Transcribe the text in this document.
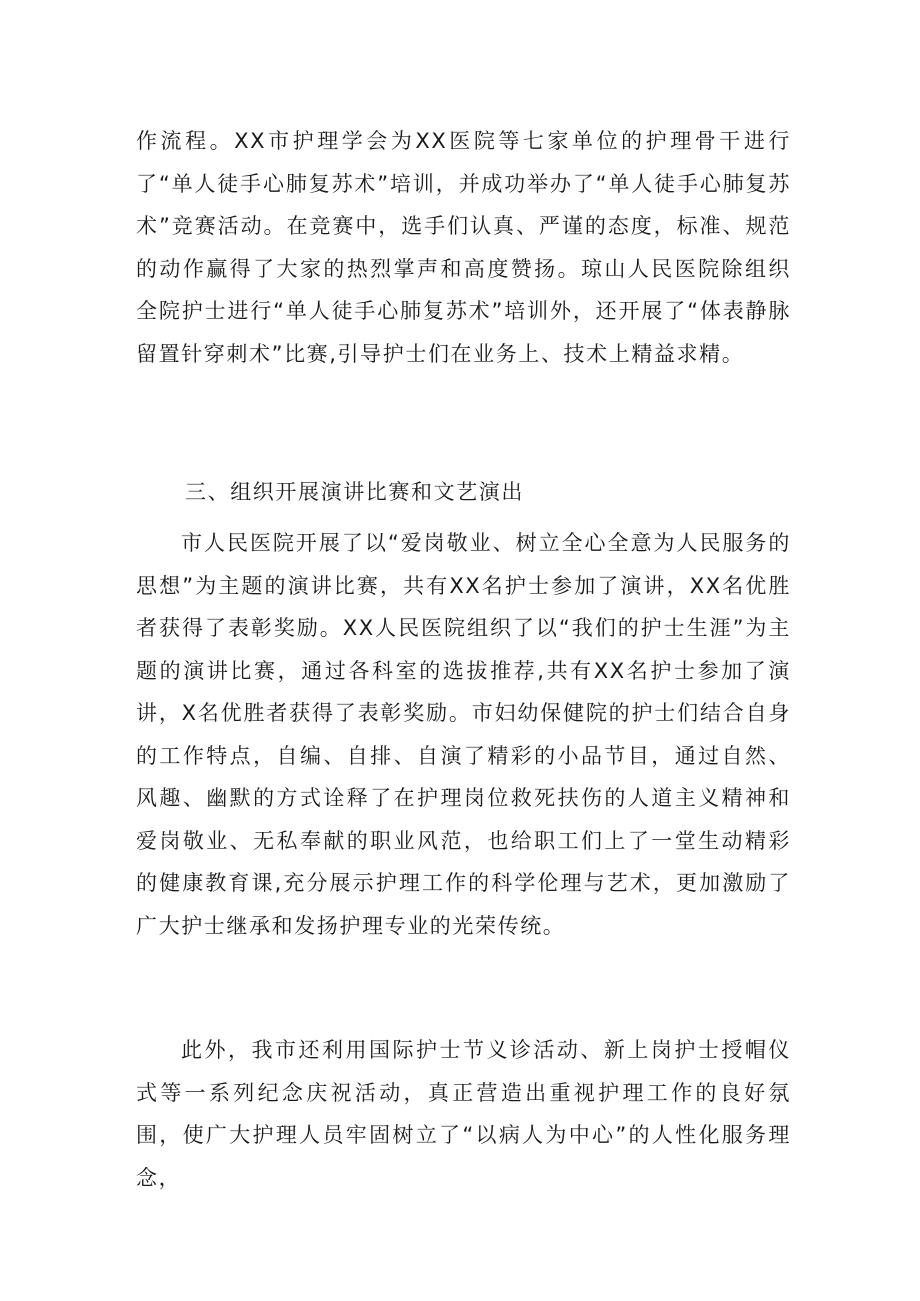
作流程。XX市护理学会为XX医院等七家单位的护理骨干进行了“单人徒手心肺复苏术”培训，并成功举办了“单人徒手心肺复苏术”竞赛活动。在竞赛中，选手们认真、严谨的态度，标准、规范的动作赢得了大家的热烈掌声和高度赞扬。琼山人民医院除组织全院护士进行“单人徒手心肺复苏术”培训外，还开展了“体表静脉留置针穿刺术”比赛,引导护士们在业务上、技术上精益求精。

三、组织开展演讲比赛和文艺演出

市人民医院开展了以“爱岗敬业、树立全心全意为人民服务的思想”为主题的演讲比赛，共有XX名护士参加了演讲，XX名优胜者获得了表彰奖励。XX人民医院组织了以“我们的护士生涯”为主题的演讲比赛，通过各科室的选拔推荐,共有XX名护士参加了演讲，X名优胜者获得了表彰奖励。市妇幼保健院的护士们结合自身的工作特点，自编、自排、自演了精彩的小品节目，通过自然、风趣、幽默的方式诠释了在护理岗位救死扶伤的人道主义精神和爱岗敬业、无私奉献的职业风范，也给职工们上了一堂生动精彩的健康教育课,充分展示护理工作的科学伦理与艺术，更加激励了广大护士继承和发扬护理专业的光荣传统。

此外，我市还利用国际护士节义诊活动、新上岗护士授帽仪式等一系列纪念庆祝活动，真正营造出重视护理工作的良好氛围，使广大护理人员牢固树立了“以病人为中心”的人性化服务理念，
